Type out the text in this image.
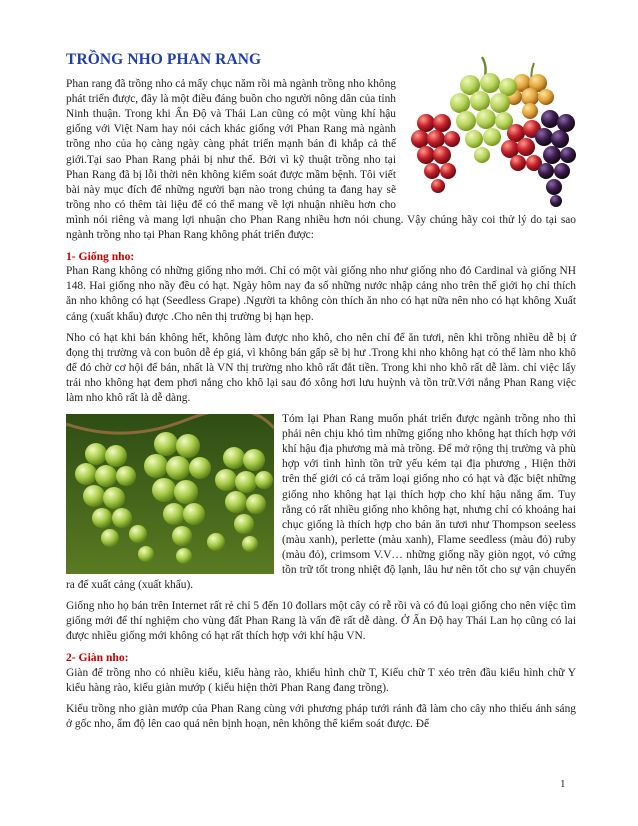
TRỒNG NHO PHAN RANG

Phan rang đã trồng nho cả mấy chục năm rồi mà ngành trồng nho không phát triển được, đây là một điều đáng buồn cho người nông dân của tỉnh Ninh thuận. Trong khi Ấn Độ và Thái Lan cũng có một vùng khí hậu giống với Việt Nam hay nói cách khác giống với Phan Rang mà ngành trồng nho của họ càng ngày càng phát triển mạnh bán đi khắp cả thế giới.Tại sao Phan Rang phải bị như thế. Bởi vì kỹ thuật trồng nho tại Phan Rang đã bị lỗi thời nên không kiểm soát được mầm bệnh. Tôi viết bài này mục đích để những người bạn nào trong chúng ta đang hay sẽ trồng nho có thêm tài liệu để có thể mang về lợi nhuận nhiều hơn cho mình nói riêng và mang lợi nhuận cho Phan Rang nhiều hơn nói chung. Vậy chúng hãy coi thử lý do tại sao ngành trồng nho tại Phan Rang không phát triển được:

1- Giống nho:

Phan Rang không có những giống nho mới. Chỉ có một vài giống nho như giống nho đỏ Cardinal và giống NH 148. Hai giống nho nầy đều có hạt. Ngày hôm nay đa số những nước nhập cảng nho trên thế giới họ chỉ thích ăn nho không có hạt (Seedless Grape) .Người ta không còn thích ăn nho có hạt nữa nên nho có hạt không Xuất cảng (xuất khẩu) được .Cho nên thị trường bị hạn hẹp.

Nho có hạt khi bán không hết, không làm được nho khô, cho nên chỉ để ăn tươi, nên khi trồng nhiều dễ bị ứ đọng thị trường và con buôn dễ ép giá, vì không bán gấp sẽ bị hư .Trong khi nho không hạt có thể làm nho khô để đó chờ cơ hội để bán, nhất là VN thị trường nho khô rất đắt tiền. Trong khi nho khô rất dễ làm. chỉ việc lấy trái nho không hạt đem phơi nắng cho khô lại sau đó xông hơi lưu huỳnh và tồn trữ.Với nắng Phan Rang việc làm nho khô rất là dễ dàng.

Tóm lại Phan Rang muốn phát triển được ngành trồng nho thì phải nên chịu khó tìm những giống nho không hạt thích hợp với khí hậu địa phương mà mà trồng. Để mở rộng thị trường và phù hợp với tình hình tồn trữ yếu kém tại địa phương , Hiện thời trên thế giới có cả trăm loại giống nho có hạt và đặc biệt những giống nho không hạt lại thích hợp cho khí hậu nắng ấm. Tuy rằng có rất nhiều giống nho không hạt, nhưng chỉ có khoảng hai chục giống là thích hợp cho bán ăn tươi như Thompson seeless (màu xanh), perlette (màu xanh), Flame seedless (màu đỏ) ruby (màu đỏ), crimsom V.V… những giống nầy giòn ngọt, vỏ cứng tồn trữ tốt trong nhiệt độ lạnh, lâu hư nên tốt cho sự vận chuyển ra để xuất cảng (xuất khẩu).

Giống nho họ bán trên Internet rất rẻ chỉ 5 đến 10 đollars một cây có rễ rồi và có đủ loại giống cho nên việc tìm giống mới để thí nghiệm cho vùng đất Phan Rang là vấn đề rất dễ dàng. Ở Ấn Độ hay Thái Lan họ cũng có lai được nhiều giống mới không có hạt rất thích hợp với khí hậu VN.

2- Giàn nho:

Giàn để trồng nho có nhiều kiểu, kiểu hàng rào, khiểu hình chữ T, Kiểu chữ T xéo trên đầu kiểu hình chữ Y kiểu hàng rào, kiểu giàn mướp ( kiểu hiện thời Phan Rang đang trồng).

Kiểu trồng nho giàn mướp của Phan Rang cùng với phương pháp tưới ránh đã làm cho cây nho thiếu ánh sáng ở gốc nho, ẩm độ lên cao quá nên bịnh hoạn, nên không thể kiểm soát được. Để

1
